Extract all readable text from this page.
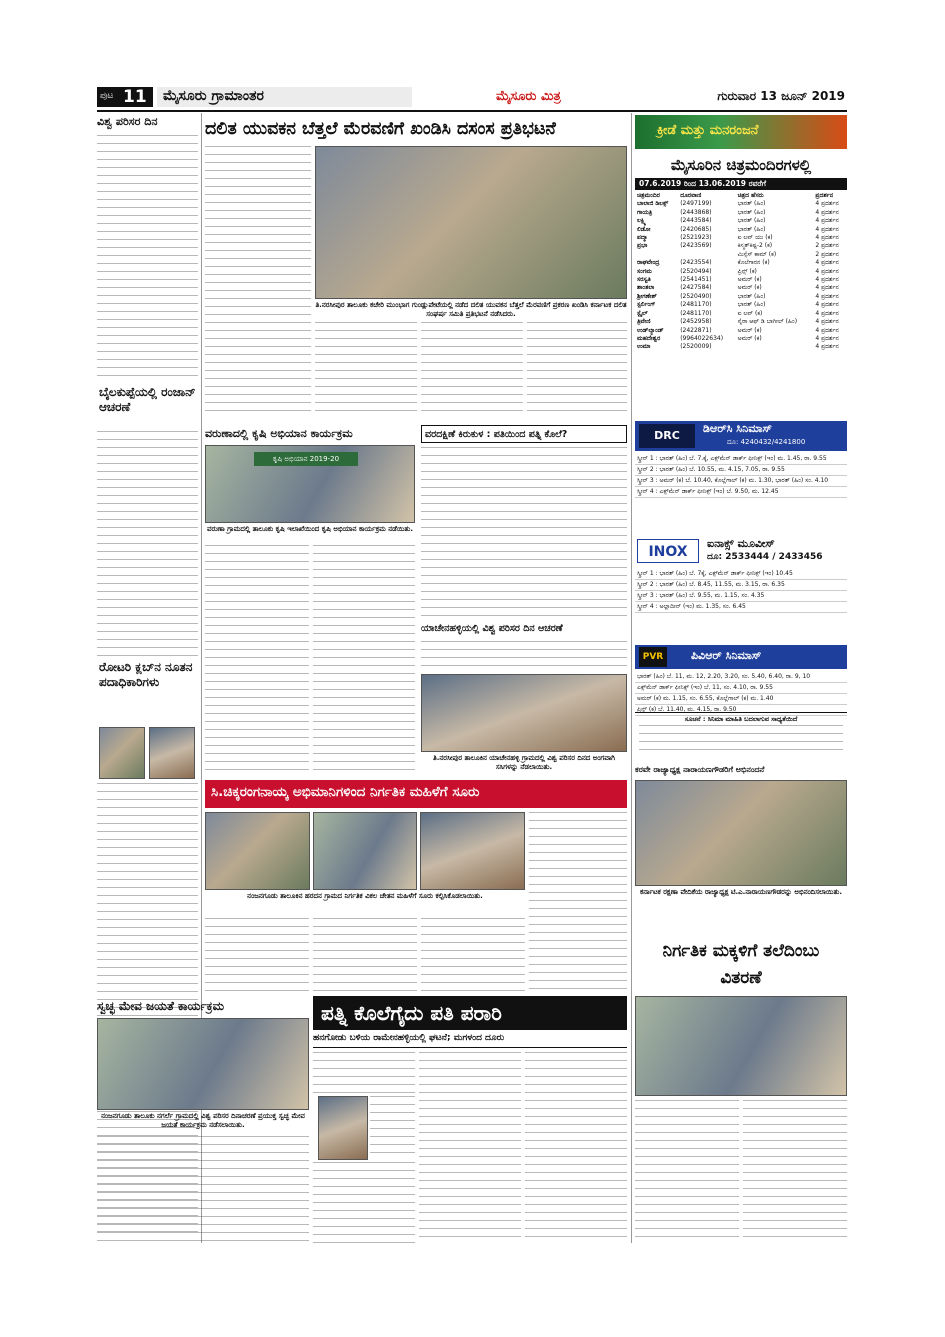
ಪುಟ 11 ಮೈಸೂರು ಗ್ರಾಮಾಂತರ	ಮೈಸೂರು ಮಿತ್ರ	ಗುರುವಾರ 13 ಜೂನ್ 2019
ವಿಶ್ವ ಪರಿಸರ ದಿನ
ಬೈಲಕುಪ್ಪೆಯಲ್ಲಿ ರಂಜಾನ್ ಆಚರಣೆ
ರೋಟರಿ ಕ್ಲಬ್‌ನ ನೂತನ ಪದಾಧಿಕಾರಿಗಳು
ದಲಿತ ಯುವಕನ ಬೆತ್ತಲೆ ಮೆರವಣಿಗೆ ಖಂಡಿಸಿ ದಸಂಸ ಪ್ರತಿಭಟನೆ
ತಿ.ನರಸೀಪುರ ತಾಲೂಕು ಕಚೇರಿ ಮುಂಭಾಗ ಗುಂಡ್ಲುಪೇಟೆಯಲ್ಲಿ ನಡೆದ ದಲಿತ ಯುವಕನ ಬೆತ್ತಲೆ ಮೆರವಣಿಗೆ ಪ್ರಕರಣ ಖಂಡಿಸಿ ಕರ್ನಾಟಕ ದಲಿತ ಸಂಘರ್ಷ ಸಮಿತಿ ಪ್ರತಿಭಟನೆ ನಡೆಸಿದರು.
ವರುಣಾದಲ್ಲಿ ಕೃಷಿ ಅಭಿಯಾನ ಕಾರ್ಯಕ್ರಮ
ಕೃಷಿ ಅಭಿಯಾನ 2019-20
ವರುಣಾ ಗ್ರಾಮದಲ್ಲಿ ತಾಲೂಕು ಕೃಷಿ ಇಲಾಖೆಯಿಂದ ಕೃಷಿ ಅಭಿಯಾನ ಕಾರ್ಯಕ್ರಮ ನಡೆಯಿತು.
ವರದಕ್ಷಿಣೆ ಕಿರುಕುಳ : ಪತಿಯಿಂದ ಪತ್ನಿ ಕೊಲೆ?
ಯಾಚೇನಹಳ್ಳಿಯಲ್ಲಿ ವಿಶ್ವ ಪರಿಸರ ದಿನ ಆಚರಣೆ
ತಿ.ನರಸೀಪುರ ತಾಲೂಕಿನ ಯಾಚೇನಹಳ್ಳಿ ಗ್ರಾಮದಲ್ಲಿ ವಿಶ್ವ ಪರಿಸರ ದಿನದ ಅಂಗವಾಗಿ ಸಸಿಗಳನ್ನು ನೆಡಲಾಯಿತು.
ಸಿ.ಚಿಕ್ಕರಂಗನಾಯ್ಕ ಅಭಿಮಾನಿಗಳಿಂದ ನಿರ್ಗತಿಕ ಮಹಿಳೆಗೆ ಸೂರು
ನಂಜನಗೂಡು ತಾಲೂಕಿನ ಹರದನ ಗ್ರಾಮದ ನಿರ್ಗತಿಕ ವಿಕಲ ಚೇತನ ಮಹಿಳೆಗೆ ಸೂರು ಕಲ್ಪಿಸಿಕೊಡಲಾಯಿತು.
ಸ್ವಚ್ಛ ಮೇವ ಜಯತೆ ಕಾರ್ಯಕ್ರಮ
ನಂಜನಗೂಡು ತಾಲೂಕು ನಗರ್ಲೆ ಗ್ರಾಮದಲ್ಲಿ ವಿಶ್ವ ಪರಿಸರ ದಿನಾಚರಣೆ ಪ್ರಯುಕ್ತ ಸ್ವಚ್ಛ ಮೇವ ಜಯತೆ ಕಾರ್ಯಕ್ರಮ ನಡೆಸಲಾಯಿತು.
ಪತ್ನಿ ಕೊಲೆಗೈದು ಪತಿ ಪರಾರಿ
ಹನಗೋಡು ಬಳಿಯ ರಾಮೇನಹಳ್ಳಿಯಲ್ಲಿ ಘಟನೆ; ಮಗಳಂದ ದೂರು
ಕ್ರೀಡೆ ಮತ್ತು ಮನರಂಜನೆ
ಮೈಸೂರಿನ ಚಿತ್ರಮಂದಿರಗಳಲ್ಲಿ
07.6.2019 ರಿಂದ 13.06.2019 ರವರೆಗೆ
ಚಿತ್ರಮಂದಿರ	ದೂರವಾಣಿ	ಚಿತ್ರದ ಹೆಸರು	ಪ್ರದರ್ಶನ
ಬಾಲಾಜಿ ಡಿಲಕ್ಸ್	(2497199)	ಭಾರತ್ (ಹಿಂ)	4 ಪ್ರದರ್ಶನ
ಗಾಯತ್ರಿ	(2443868)	ಭಾರತ್ (ಹಿಂ)	4 ಪ್ರದರ್ಶನ
ಲಕ್ಷ್ಮಿ	(2443584)	ಭಾರತ್ (ಹಿಂ)	4 ಪ್ರದರ್ಶನ
ಲಿಡೋ	(2420685)	ಭಾರತ್ (ಹಿಂ)	4 ಪ್ರದರ್ಶನ
ಪದ್ಮಾ	(2521923)	ಐ ಲವ್ ಯು (ಕ)	4 ಪ್ರದರ್ಶನ
ಪ್ರಭಾ	(2423569)	ಕಿಸ್ಮತ್‌ಕಿಷ್ಟ-2 (ಕ)	2 ಪ್ರದರ್ಶನ
		ಮಿಸ್ಸೆಸ್ ಕಾಮ್ (ಕ)	2 ಪ್ರದರ್ಶನ
ರಾಘವೇಂದ್ರ	(2423554)	ಕೊಲೆಗಾರನ (ಕ)	4 ಪ್ರದರ್ಶನ
ಸಂಗಮ	(2520494)	ಪ್ರಿನ್ಸ್ (ಕ)	4 ಪ್ರದರ್ಶನ
ಸರಸ್ವತಿ	(2541451)	ಅಮರ್ (ಕ)	4 ಪ್ರದರ್ಶನ
ಶಾಂತಲಾ	(2427584)	ಅಮರ್ (ಕ)	4 ಪ್ರದರ್ಶನ
ಶ್ರೀಗಣೇಶ್	(2520490)	ಭಾರತ್ (ಹಿಂ)	4 ಪ್ರದರ್ಶನ
ಸ್ಟರ್ಲಿಂಗ್	(2481170)	ಭಾರತ್ (ಹಿಂ)	4 ಪ್ರದರ್ಶನ
ಸ್ಟೈಲ್	(2481170)	ಐ ಲವ್ (ಕ)	4 ಪ್ರದರ್ಶನ
ತ್ರಿವೇಣಿ	(2452958)	ಸೈರಾ ಆಫ್ ಡಿ ಬಾಗೀಲ್ (ಹಿಂ)	4 ಪ್ರದರ್ಶನ
ಉಡ್‌ಲ್ಯಾಂಡ್	(2422871)	ಅಮರ್ (ಕ)	4 ಪ್ರದರ್ಶನ
ಮಹದೇಶ್ವರ	(9964022634)	ಅಮರ್ (ಕ)	4 ಪ್ರದರ್ಶನ
ಉಮಾ	(2520009)		4 ಪ್ರದರ್ಶನ
DRC
ಡಿಆರ್‌ಸಿ ಸಿನಿಮಾಸ್
ದೂ: 4240432/4241800
ಸ್ಕ್ರೀನ್ 1 : ಭಾರತ್ (ಹಿಂ) ಬೆ. 7.ಕ್ಕೆ, ಎಕ್ಸ್‌ಮೆನ್ ಡಾರ್ಕ್ ಫೀನಿಕ್ಸ್ (ಇಂ) ಮ. 1.45, ರಾ. 9.55
ಸ್ಕ್ರೀನ್ 2 : ಭಾರತ್ (ಹಿಂ) ಬೆ. 10.55, ಮ. 4.15, 7.05, ರಾ. 9.55
ಸ್ಕ್ರೀನ್ 3 : ಅಮರ್ (ಕ) ಬೆ. 10.40, ಕೊಲ್ಲೆಗಾಲ್ (ಕ) ಮ. 1.30, ಭಾರತ್ (ಹಿಂ) ಸಂ. 4.10
ಸ್ಕ್ರೀನ್ 4 : ಎಕ್ಸ್‌ಮೆನ್ ಡಾರ್ಕ್ ಫೀನಿಕ್ಸ್ (ಇಂ) ಬೆ. 9.50, ಮ. 12.45
INOX
ಐನಾಕ್ಸ್ ಮೂವೀಸ್
ದೂ: 2533444 / 2433456
ಸ್ಕ್ರೀನ್ 1 : ಭಾರತ್ (ಹಿಂ) ಬೆ. 7ಕ್ಕೆ, ಎಕ್ಸ್‌ಮೆನ್ ಡಾರ್ಕ್ ಫೀನಿಕ್ಸ್ (ಇಂ) 10.45
ಸ್ಕ್ರೀನ್ 2 : ಭಾರತ್ (ಹಿಂ) ಬೆ. 8.45, 11.55, ಮ. 3.15, ರಾ. 6.35
ಸ್ಕ್ರೀನ್ 3 : ಭಾರತ್ (ಹಿಂ) ಬೆ. 9.55, ಮ. 1.15, ಸಂ. 4.35
ಸ್ಕ್ರೀನ್ 4 : ಅಲ್ಲಾದೀನ್ (ಇಂ) ಮ. 1.35, ಸಂ. 6.45
PVR	ಪಿವಿಆರ್ ಸಿನಿಮಾಸ್
ಭಾರತ್ (ಹಿಂ) ಬೆ. 11, ಮ. 12, 2.20, 3.20, ಸಂ. 5.40, 6.40, ರಾ. 9, 10
ಎಕ್ಸ್‌ಮೆನ್ ಡಾರ್ಕ್ ಫೀನಿಕ್ಸ್ (ಇಂ) ಬೆ. 11, ಸಂ. 4.10, ರಾ. 9.55
ಅಮರ್ (ಕ) ಮ. 1.15, ಸಂ. 6.55, ಕೊಲ್ಲೆಗಾಲ್ (ಕ) ಮ. 1.40
ಪ್ರಿನ್ಸ್ (ಕ) ಬೆ. 11.40, ಮ. 4.15, ರಾ. 9.50
ಸೂಚನೆ : ಸಿನಿಮಾ ಮಾಹಿತಿ ಬದಲಾಗುವ ಸಾಧ್ಯತೆಯಿದೆ
ಕರವೇ ರಾಜ್ಯಾಧ್ಯಕ್ಷ ನಾರಾಯಣಗೌಡರಿಗೆ ಅಭಿನಂದನೆ
ಕರ್ನಾಟಕ ರಕ್ಷಣಾ ವೇದಿಕೆಯ ರಾಜ್ಯಾಧ್ಯಕ್ಷ ಟಿ.ಎ.ನಾರಾಯಣಗೌಡರನ್ನು ಅಭಿನಂದಿಸಲಾಯಿತು.
ನಿರ್ಗತಿಕ ಮಕ್ಕಳಿಗೆ ತಲೆದಿಂಬು ವಿತರಣೆ
